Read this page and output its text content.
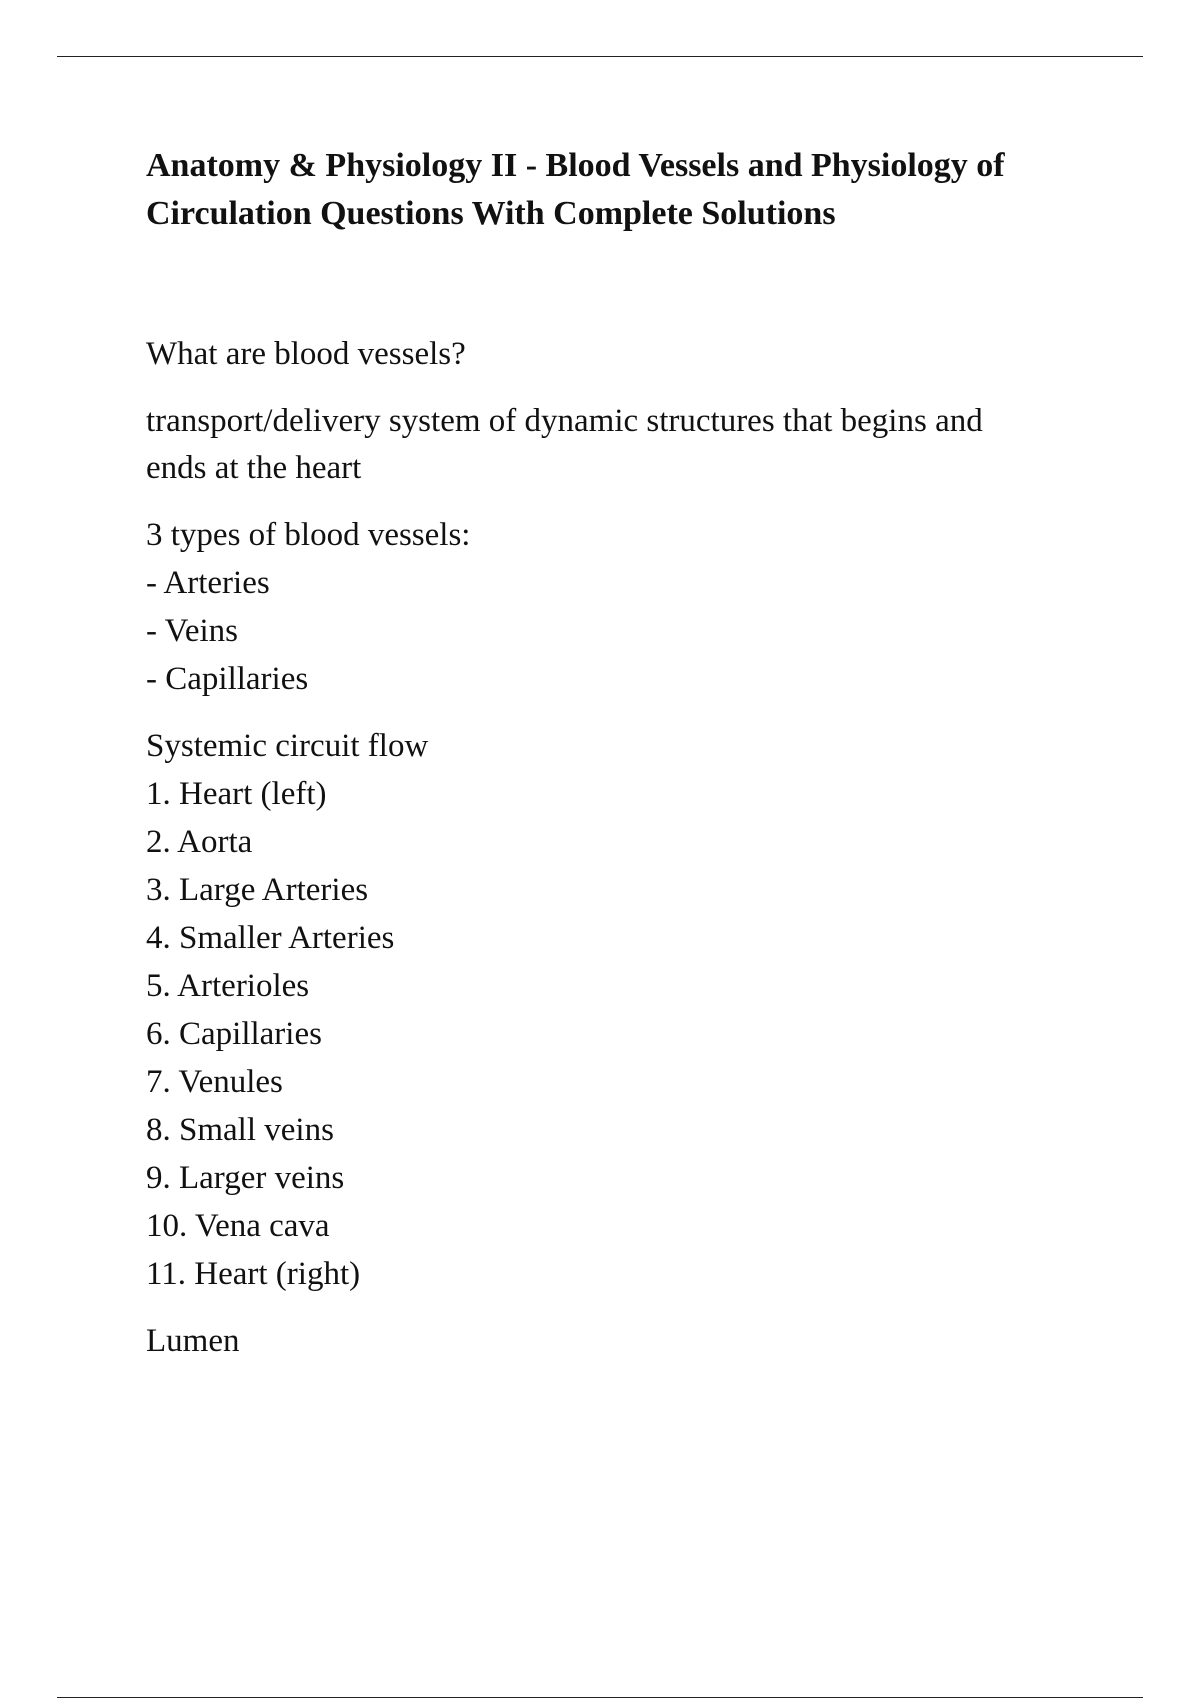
Anatomy & Physiology II - Blood Vessels and Physiology of
Circulation Questions With Complete Solutions

What are blood vessels?

transport/delivery system of dynamic structures that begins and
ends at the heart

3 types of blood vessels:

- Arteries
- Veins
- Capillaries

Systemic circuit flow

1. Heart (left)
2. Aorta
3. Large Arteries
4. Smaller Arteries
5. Arterioles
6. Capillaries
7. Venules
8. Small veins
9. Larger veins
10. Vena cava
11. Heart (right)

Lumen
